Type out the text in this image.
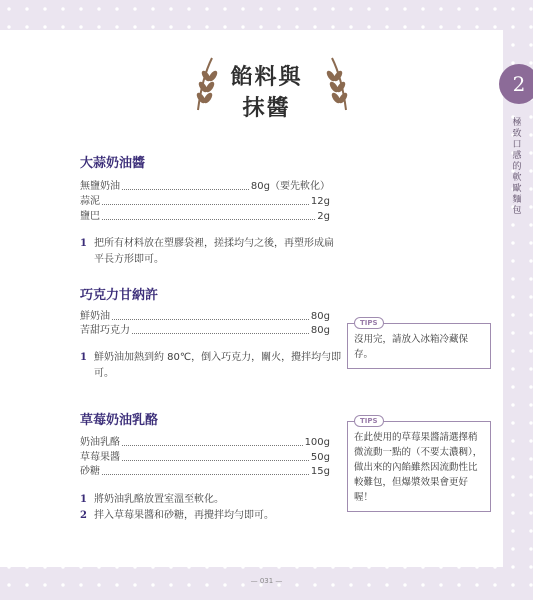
2
極致口感的軟歐麵包
餡料與
抹醬
大蒜奶油醬
無鹽奶油	80g（要先軟化）
蒜泥	12g
鹽巴	2g
1 把所有材料放在塑膠袋裡，搓揉均勻之後，再塑形成扁平長方形即可。
巧克力甘納許
鮮奶油	80g
苦甜巧克力	80g
1 鮮奶油加熱到約 80℃，倒入巧克力，關火，攪拌均勻即可。
草莓奶油乳酪
奶油乳酪	100g
草莓果醬	50g
砂糖	15g
1 將奶油乳酪放置室溫至軟化。
2 拌入草莓果醬和砂糖，再攪拌均勻即可。
TIPS
沒用完，請放入冰箱冷藏保存。
TIPS
在此使用的草莓果醬請選擇稍微流動一點的（不要太濃稠），做出來的內餡雖然因流動性比較難包，但爆漿效果會更好喔！
— 031 —
